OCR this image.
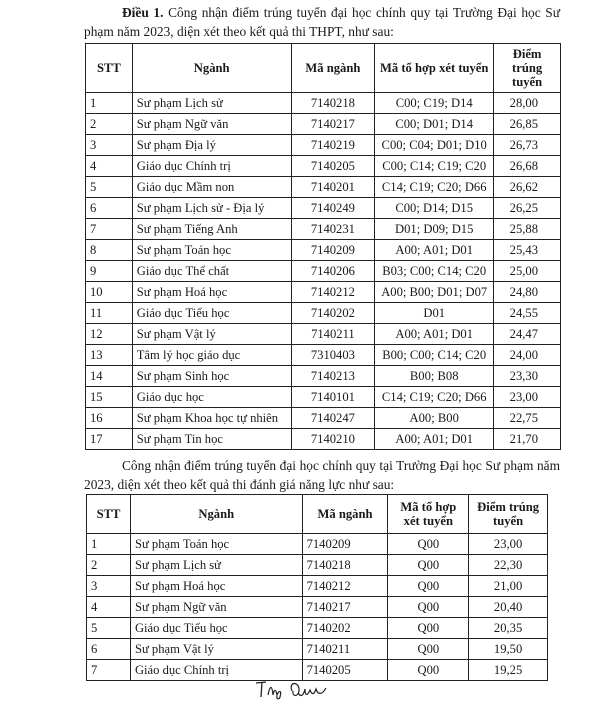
Điều 1. Công nhận điểm trúng tuyển đại học chính quy tại Trường Đại học Sư phạm năm 2023, diện xét theo kết quả thi THPT, như sau:
STT	Ngành	Mã ngành	Mã tổ hợp xét tuyển	Điểm trúng tuyển
1	Sư phạm Lịch sử	7140218	C00; C19; D14	28,00
2	Sư phạm Ngữ văn	7140217	C00; D01; D14	26,85
3	Sư phạm Địa lý	7140219	C00; C04; D01; D10	26,73
4	Giáo dục Chính trị	7140205	C00; C14; C19; C20	26,68
5	Giáo dục Mầm non	7140201	C14; C19; C20; D66	26,62
6	Sư phạm Lịch sử - Địa lý	7140249	C00; D14; D15	26,25
7	Sư phạm Tiếng Anh	7140231	D01; D09; D15	25,88
8	Sư phạm Toán học	7140209	A00; A01; D01	25,43
9	Giáo dục Thể chất	7140206	B03; C00; C14; C20	25,00
10	Sư phạm Hoá học	7140212	A00; B00; D01; D07	24,80
11	Giáo dục Tiểu học	7140202	D01	24,55
12	Sư phạm Vật lý	7140211	A00; A01; D01	24,47
13	Tâm lý học giáo dục	7310403	B00; C00; C14; C20	24,00
14	Sư phạm Sinh học	7140213	B00; B08	23,30
15	Giáo dục học	7140101	C14; C19; C20; D66	23,00
16	Sư phạm Khoa học tự nhiên	7140247	A00; B00	22,75
17	Sư phạm Tin học	7140210	A00; A01; D01	21,70
Công nhận điểm trúng tuyển đại học chính quy tại Trường Đại học Sư phạm năm 2023, diện xét theo kết quả thi đánh giá năng lực như sau:
STT	Ngành	Mã ngành	Mã tổ hợp xét tuyển	Điểm trúng tuyển
1	Sư phạm Toán học	7140209	Q00	23,00
2	Sư phạm Lịch sử	7140218	Q00	22,30
3	Sư phạm Hoá học	7140212	Q00	21,00
4	Sư phạm Ngữ văn	7140217	Q00	20,40
5	Giáo dục Tiểu học	7140202	Q00	20,35
6	Sư phạm Vật lý	7140211	Q00	19,50
7	Giáo dục Chính trị	7140205	Q00	19,25
